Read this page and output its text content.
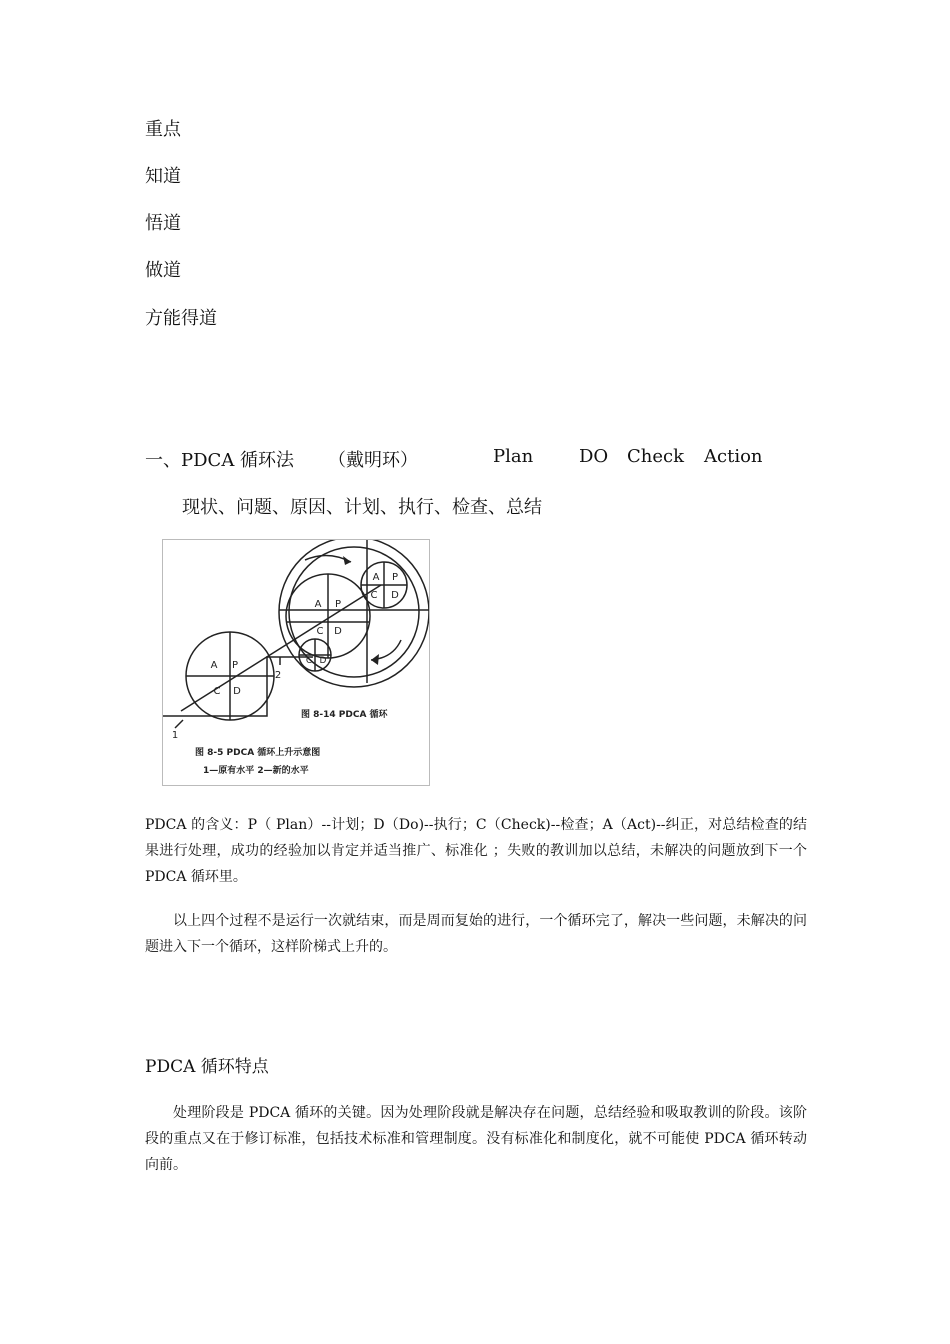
重点
知道
悟道
做道
方能得道
一、PDCA 循环法 （戴明环）	Plan	DO Check Action
现状、问题、原因、计划、执行、检查、总结
A P
C D
A P
C D
A P
C D
C D
1
2
图 8-14 PDCA 循环
图 8-5 PDCA 循环上升示意图
1—原有水平 2—新的水平

PDCA 的含义：P（ Plan）--计划；D（Do)--执行；C（Check)--检查；A（Act)--纠正，对总结检查的结果进行处理，成功的经验加以肯定并适当推广、标准化 ；失败的教训加以总结，未解决的问题放到下一个 PDCA 循环里。

以上四个过程不是运行一次就结束，而是周而复始的进行，一个循环完了，解决一些问题，未解决的问题进入下一个循环，这样阶梯式上升的。

PDCA 循环特点

处理阶段是 PDCA 循环的关键。因为处理阶段就是解决存在问题，总结经验和吸取教训的阶段。该阶段的重点又在于修订标准，包括技术标准和管理制度。没有标准化和制度化，就不可能使 PDCA 循环转动向前。
